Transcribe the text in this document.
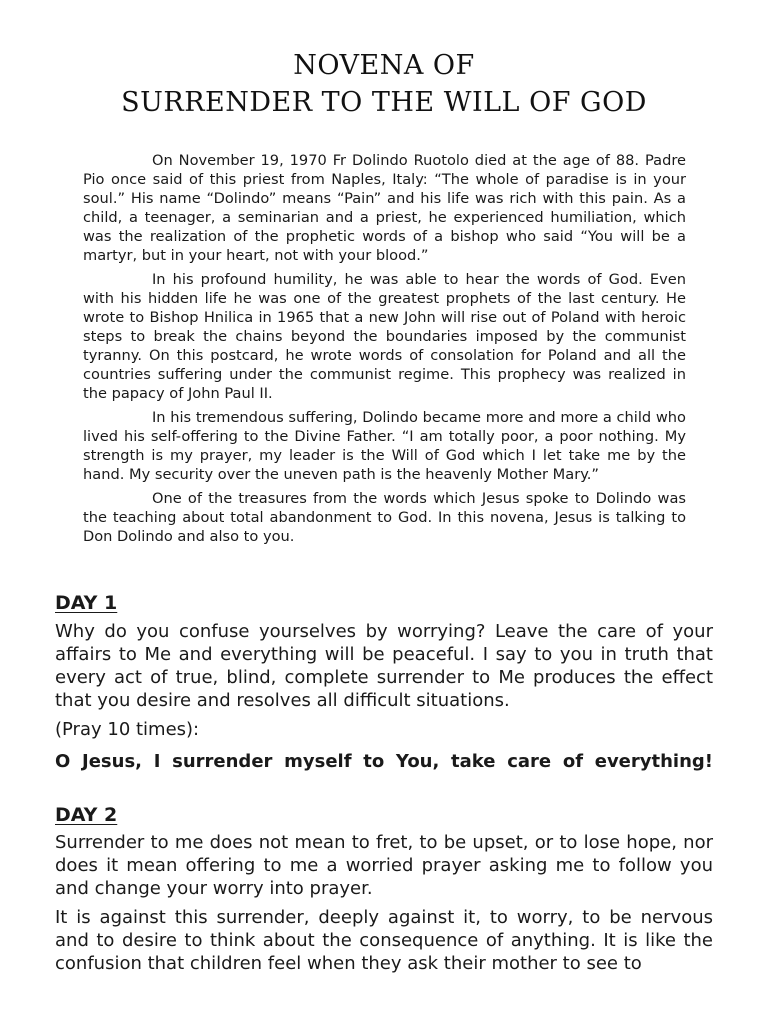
NOVENA OF
SURRENDER TO THE WILL OF GOD

On November 19, 1970 Fr Dolindo Ruotolo died at the age of 88. Padre Pio once said of this priest from Naples, Italy: “The whole of paradise is in your soul.” His name “Dolindo” means “Pain” and his life was rich with this pain. As a child, a teenager, a seminarian and a priest, he experienced humiliation, which was the realization of the prophetic words of a bishop who said “You will be a martyr, but in your heart, not with your blood.”

In his profound humility, he was able to hear the words of God. Even with his hidden life he was one of the greatest prophets of the last century. He wrote to Bishop Hnilica in 1965 that a new John will rise out of Poland with heroic steps to break the chains beyond the boundaries imposed by the communist tyranny. On this postcard, he wrote words of consolation for Poland and all the countries suffering under the communist regime. This prophecy was realized in the papacy of John Paul II.

In his tremendous suffering, Dolindo became more and more a child who lived his self-offering to the Divine Father. “I am totally poor, a poor nothing. My strength is my prayer, my leader is the Will of God which I let take me by the hand. My security over the uneven path is the heavenly Mother Mary.”

One of the treasures from the words which Jesus spoke to Dolindo was the teaching about total abandonment to God. In this novena, Jesus is talking to Don Dolindo and also to you.

DAY 1

Why do you confuse yourselves by worrying? Leave the care of your affairs to Me and everything will be peaceful. I say to you in truth that every act of true, blind, complete surrender to Me produces the effect that you desire and resolves all difficult situations.

(Pray 10 times):

O Jesus, I surrender myself to You, take care of everything!
DAY 2

Surrender to me does not mean to fret, to be upset, or to lose hope, nor does it mean offering to me a worried prayer asking me to follow you and change your worry into prayer.

It is against this surrender, deeply against it, to worry, to be nervous and to desire to think about the consequence of anything. It is like the confusion that children feel when they ask their mother to see to
